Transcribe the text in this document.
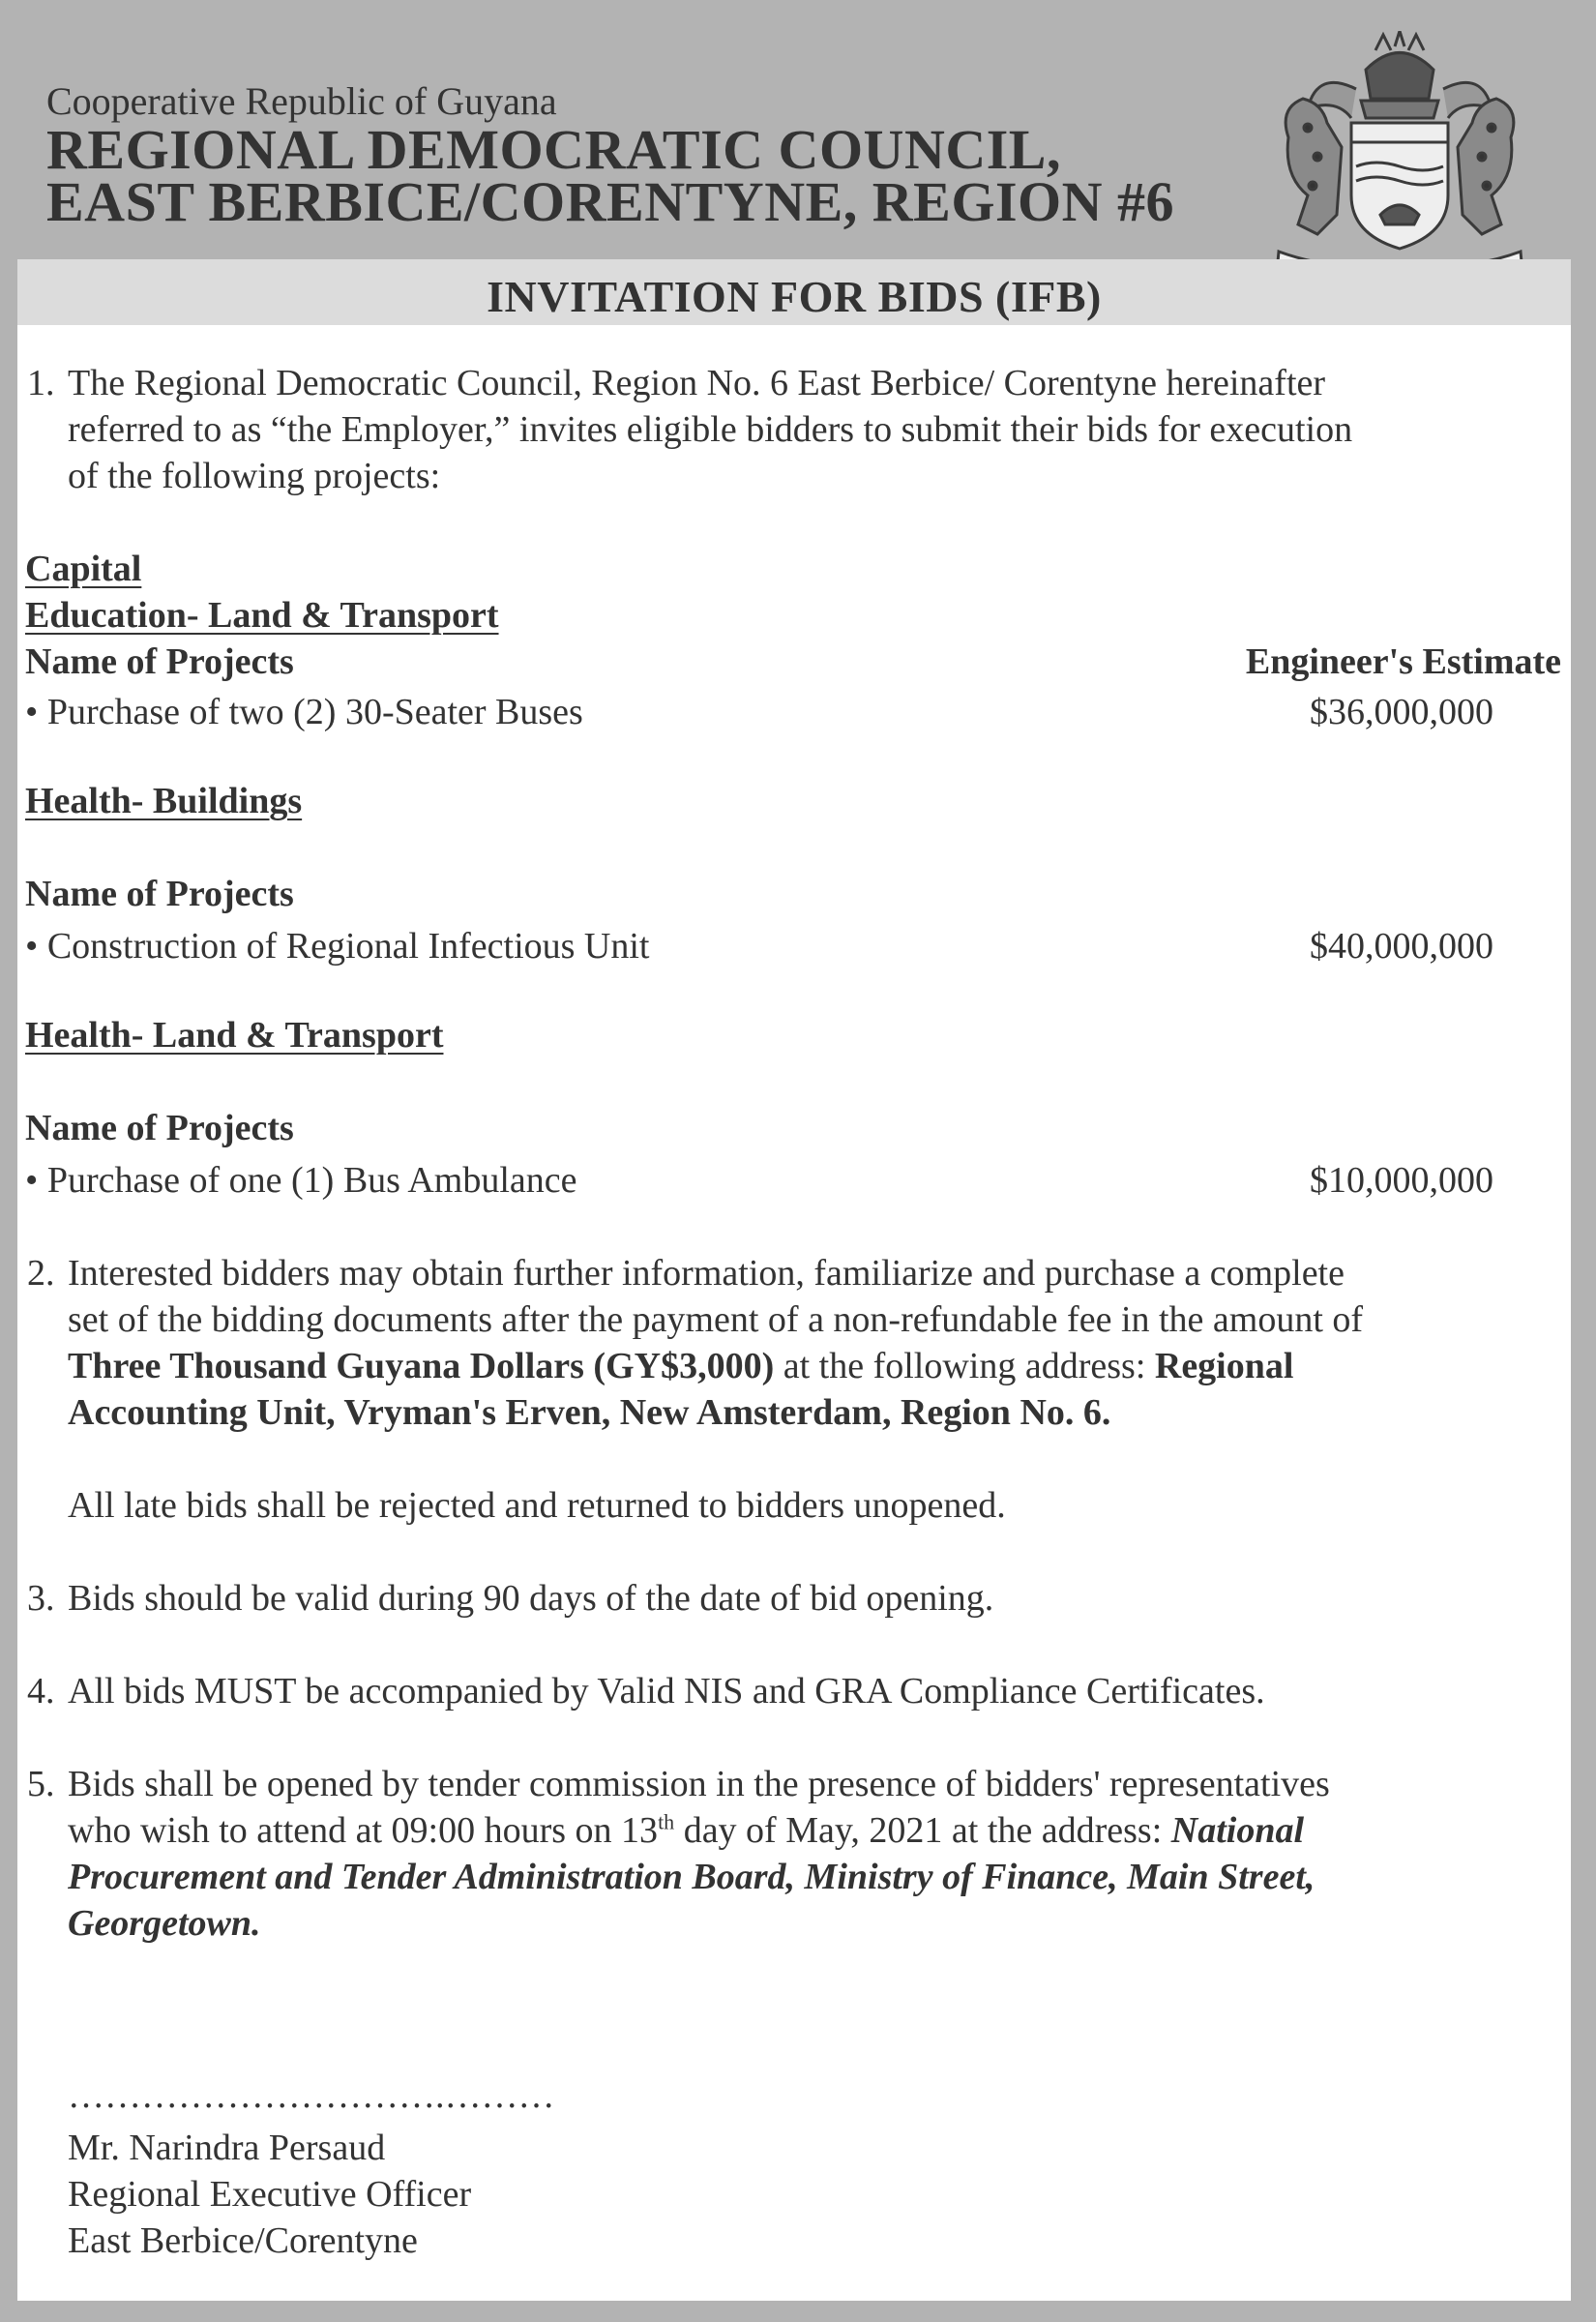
Cooperative Republic of Guyana
REGIONAL DEMOCRATIC COUNCIL,
EAST BERBICE/CORENTYNE, REGION #6
INVITATION FOR BIDS (IFB)
1. The Regional Democratic Council, Region No. 6 East Berbice/ Corentyne hereinafter
referred to as “the Employer,” invites eligible bidders to submit their bids for execution
of the following projects:
Capital
Education- Land & Transport
Name of Projects	Engineer's Estimate
• Purchase of two (2) 30-Seater Buses	$36,000,000
Health- Buildings
Name of Projects
• Construction of Regional Infectious Unit	$40,000,000
Health- Land & Transport
Name of Projects
• Purchase of one (1) Bus Ambulance	$10,000,000
2. Interested bidders may obtain further information, familiarize and purchase a complete
set of the bidding documents after the payment of a non-refundable fee in the amount of
Three Thousand Guyana Dollars (GY$3,000) at the following address: Regional
Accounting Unit, Vryman's Erven, New Amsterdam, Region No. 6.
All late bids shall be rejected and returned to bidders unopened.
3. Bids should be valid during 90 days of the date of bid opening.
4. All bids MUST be accompanied by Valid NIS and GRA Compliance Certificates.
5. Bids shall be opened by tender commission in the presence of bidders' representatives
who wish to attend at 09:00 hours on 13th day of May, 2021 at the address: National
Procurement and Tender Administration Board, Ministry of Finance, Main Street,
Georgetown.
………………………….………
Mr. Narindra Persaud
Regional Executive Officer
East Berbice/Corentyne
